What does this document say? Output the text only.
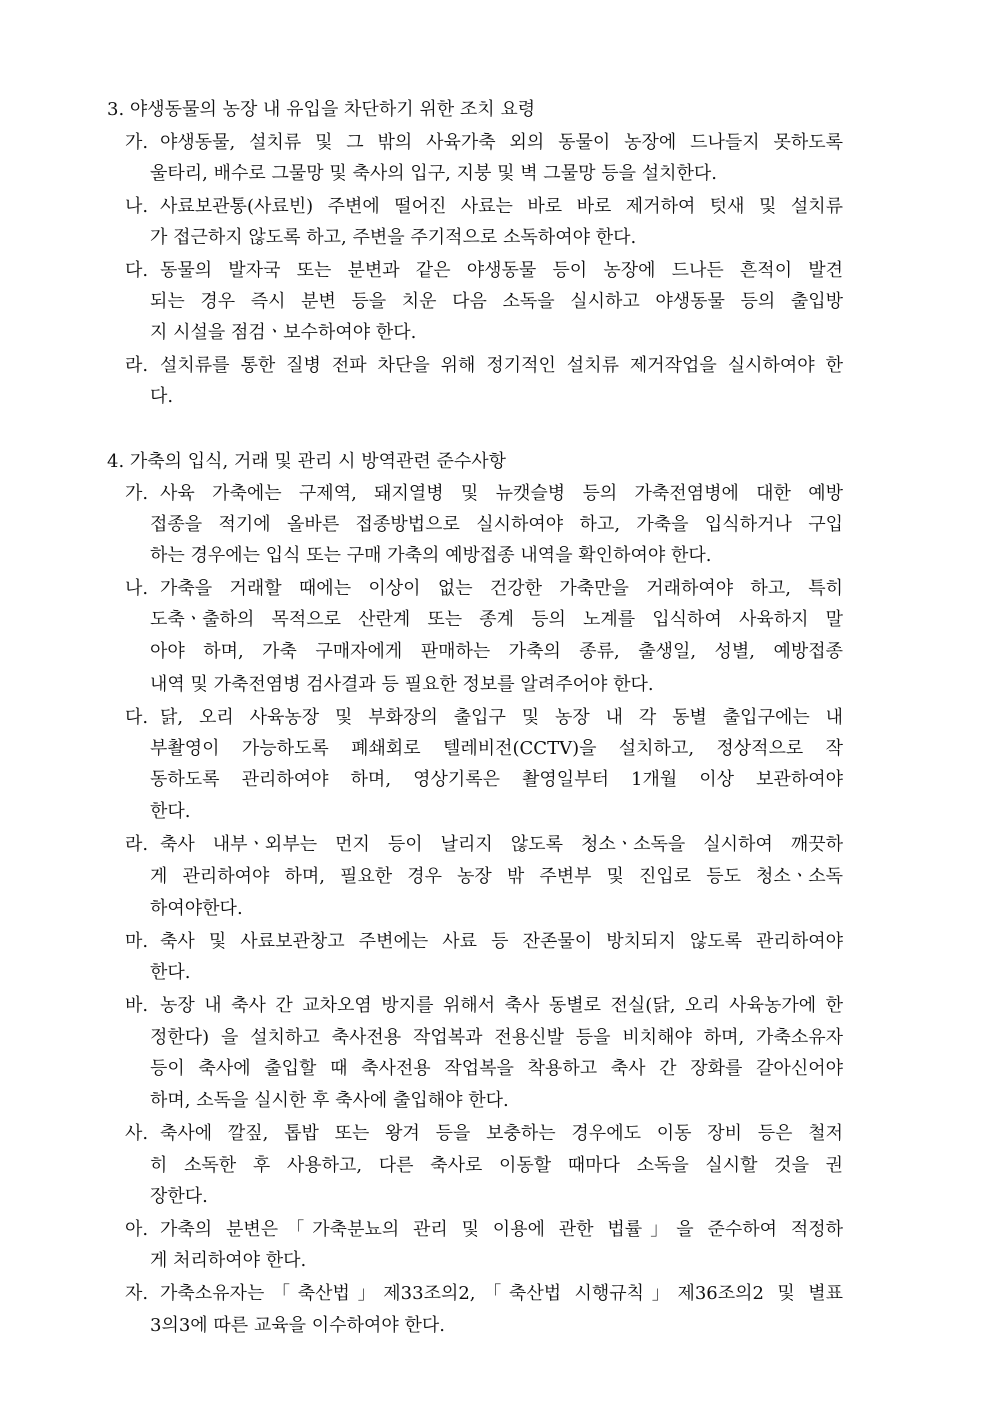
3. 야생동물의 농장 내 유입을 차단하기 위한 조치 요령
가. 야생동물, 설치류 및 그 밖의 사육가축 외의 동물이 농장에 드나들지 못하도록
울타리, 배수로 그물망 및 축사의 입구, 지붕 및 벽 그물망 등을 설치한다.
나. 사료보관통(사료빈) 주변에 떨어진 사료는 바로 바로 제거하여 텃새 및 설치류
가 접근하지 않도록 하고, 주변을 주기적으로 소독하여야 한다.
다. 동물의 발자국 또는 분변과 같은 야생동물 등이 농장에 드나든 흔적이 발견
되는 경우 즉시 분변 등을 치운 다음 소독을 실시하고 야생동물 등의 출입방
지 시설을 점검ㆍ보수하여야 한다.
라. 설치류를 통한 질병 전파 차단을 위해 정기적인 설치류 제거작업을 실시하여야 한
다.
4. 가축의 입식, 거래 및 관리 시 방역관련 준수사항
가. 사육 가축에는 구제역, 돼지열병 및 뉴캣슬병 등의 가축전염병에 대한 예방
접종을 적기에 올바른 접종방법으로 실시하여야 하고, 가축을 입식하거나 구입
하는 경우에는 입식 또는 구매 가축의 예방접종 내역을 확인하여야 한다.
나. 가축을 거래할 때에는 이상이 없는 건강한 가축만을 거래하여야 하고, 특히
도축ㆍ출하의 목적으로 산란계 또는 종계 등의 노계를 입식하여 사육하지 말
아야 하며, 가축 구매자에게 판매하는 가축의 종류, 출생일, 성별, 예방접종
내역 및 가축전염병 검사결과 등 필요한 정보를 알려주어야 한다.
다. 닭, 오리 사육농장 및 부화장의 출입구 및 농장 내 각 동별 출입구에는 내
부촬영이 가능하도록 폐쇄회로 텔레비전(CCTV)을 설치하고, 정상적으로 작
동하도록 관리하여야 하며, 영상기록은 촬영일부터 1개월 이상 보관하여야
한다.
라. 축사 내부ㆍ외부는 먼지 등이 날리지 않도록 청소ㆍ소독을 실시하여 깨끗하
게 관리하여야 하며, 필요한 경우 농장 밖 주변부 및 진입로 등도 청소ㆍ소독
하여야한다.
마. 축사 및 사료보관창고 주변에는 사료 등 잔존물이 방치되지 않도록 관리하여야
한다.
바. 농장 내 축사 간 교차오염 방지를 위해서 축사 동별로 전실(닭, 오리 사육농가에 한
정한다) 을 설치하고 축사전용 작업복과 전용신발 등을 비치해야 하며, 가축소유자
등이 축사에 출입할 때 축사전용 작업복을 착용하고 축사 간 장화를 갈아신어야
하며, 소독을 실시한 후 축사에 출입해야 한다.
사. 축사에 깔짚, 톱밥 또는 왕겨 등을 보충하는 경우에도 이동 장비 등은 철저
히 소독한 후 사용하고, 다른 축사로 이동할 때마다 소독을 실시할 것을 권
장한다.
아. 가축의 분변은「가축분뇨의 관리 및 이용에 관한 법률」을 준수하여 적정하
게 처리하여야 한다.
자. 가축소유자는「축산법」제33조의2,「축산법 시행규칙」제36조의2 및 별표
3의3에 따른 교육을 이수하여야 한다.
